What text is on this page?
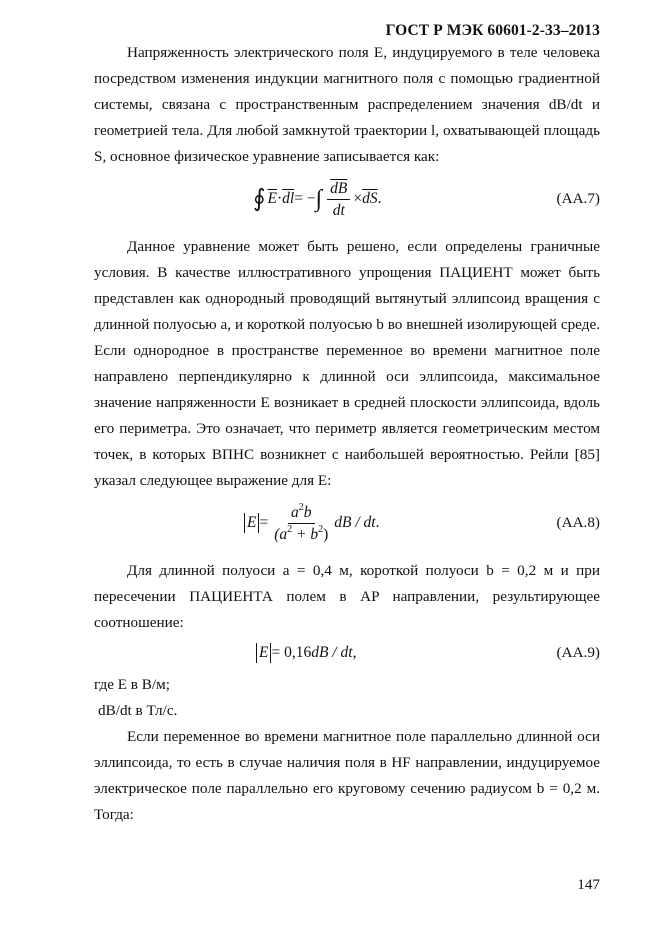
ГОСТ Р МЭК 60601-2-33–2013

Напряженность электрического поля E, индуцируемого в теле человека посредством изменения индукции магнитного поля с помощью градиентной системы, связана с пространственным распределением значения dB/dt и геометрией тела. Для любой замкнутой траектории l, охватывающей площадь S, основное физическое уравнение записывается как:

∮ $\overline{E} \cdot \overline{dl}$ = − ∫ $\frac{\overline{dB}}{dt} \times \overline{dS}$ .	(AA.7)

Данное уравнение может быть решено, если определены граничные условия. В качестве иллюстративного упрощения ПАЦИЕНТ может быть представлен как однородный проводящий вытянутый эллипсоид вращения с длинной полуосью a, и короткой полуосью b во внешней изолирующей среде. Если однородное в пространстве переменное во времени магнитное поле направлено перпендикулярно к длинной оси эллипсоида, максимальное значение напряженности E возникает в средней плоскости эллипсоида, вдоль его периметра. Это означает, что периметр является геометрическим местом точек, в которых ВПНС возникнет с наибольшей вероятностью. Рейли [85] указал следующее выражение для E:

$E = \frac{a^2b}{(a^2 + b^2)}$ dB / dt .	(AA.8)

Для длинной полуоси a = 0,4 м, короткой полуоси b = 0,2 м и при пересечении ПАЦИЕНТА полем в AP направлении, результирующее соотношение:

E = 0,16 dB / dt ,	(AA.9)

где E в В/м;

dB/dt в Тл/с.

Если переменное во времени магнитное поле параллельно длинной оси эллипсоида, то есть в случае наличия поля в HF направлении, индуцируемое электрическое поле параллельно его круговому сечению радиусом b = 0,2 м. Тогда:

147
